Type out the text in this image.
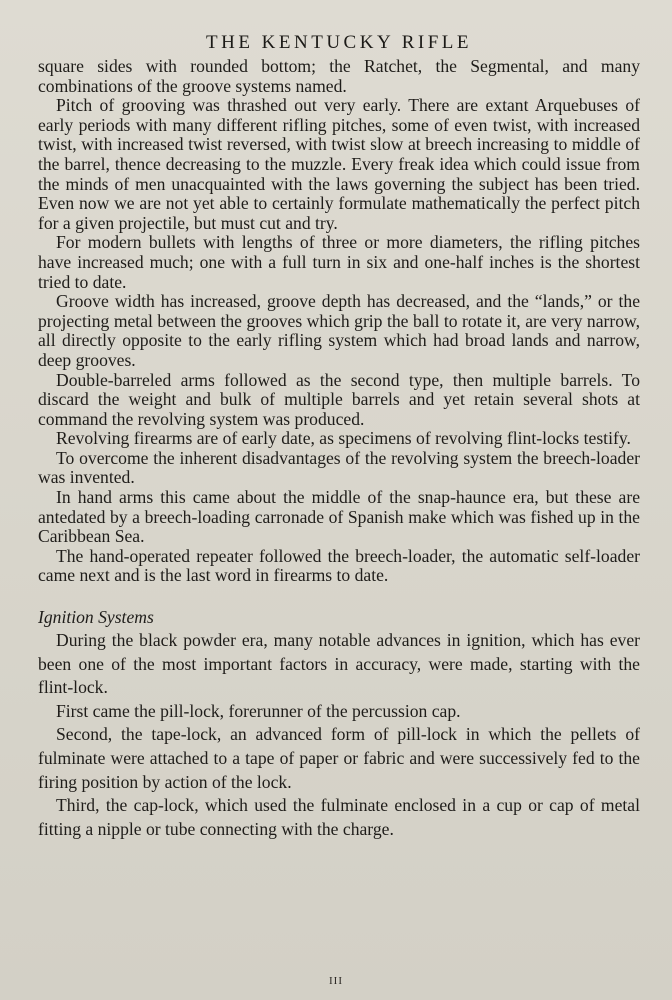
THE KENTUCKY RIFLE

square sides with rounded bottom; the Ratchet, the Segmental, and many combinations of the groove systems named.

Pitch of grooving was thrashed out very early. There are extant Arquebuses of early periods with many different rifling pitches, some of even twist, with increased twist, with increased twist reversed, with twist slow at breech increasing to middle of the barrel, thence decreasing to the muzzle. Every freak idea which could issue from the minds of men unacquainted with the laws governing the subject has been tried. Even now we are not yet able to certainly formulate mathematically the perfect pitch for a given projectile, but must cut and try.

For modern bullets with lengths of three or more diameters, the rifling pitches have increased much; one with a full turn in six and one-half inches is the shortest tried to date.

Groove width has increased, groove depth has decreased, and the “lands,” or the projecting metal between the grooves which grip the ball to rotate it, are very narrow, all directly opposite to the early rifling system which had broad lands and narrow, deep grooves.

Double-barreled arms followed as the second type, then multiple barrels. To discard the weight and bulk of multiple barrels and yet retain several shots at command the revolving system was produced.

Revolving firearms are of early date, as specimens of revolving flint-locks testify.

To overcome the inherent disadvantages of the revolving system the breech-loader was invented.

In hand arms this came about the middle of the snap-haunce era, but these are antedated by a breech-loading carronade of Spanish make which was fished up in the Caribbean Sea.

The hand-operated repeater followed the breech-loader, the automatic self-loader came next and is the last word in firearms to date.

Ignition Systems

During the black powder era, many notable advances in ignition, which has ever been one of the most important factors in accuracy, were made, starting with the flint-lock.

First came the pill-lock, forerunner of the percussion cap.

Second, the tape-lock, an advanced form of pill-lock in which the pellets of fulminate were attached to a tape of paper or fabric and were successively fed to the firing position by action of the lock.

Third, the cap-lock, which used the fulminate enclosed in a cup or cap of metal fitting a nipple or tube connecting with the charge.

III
